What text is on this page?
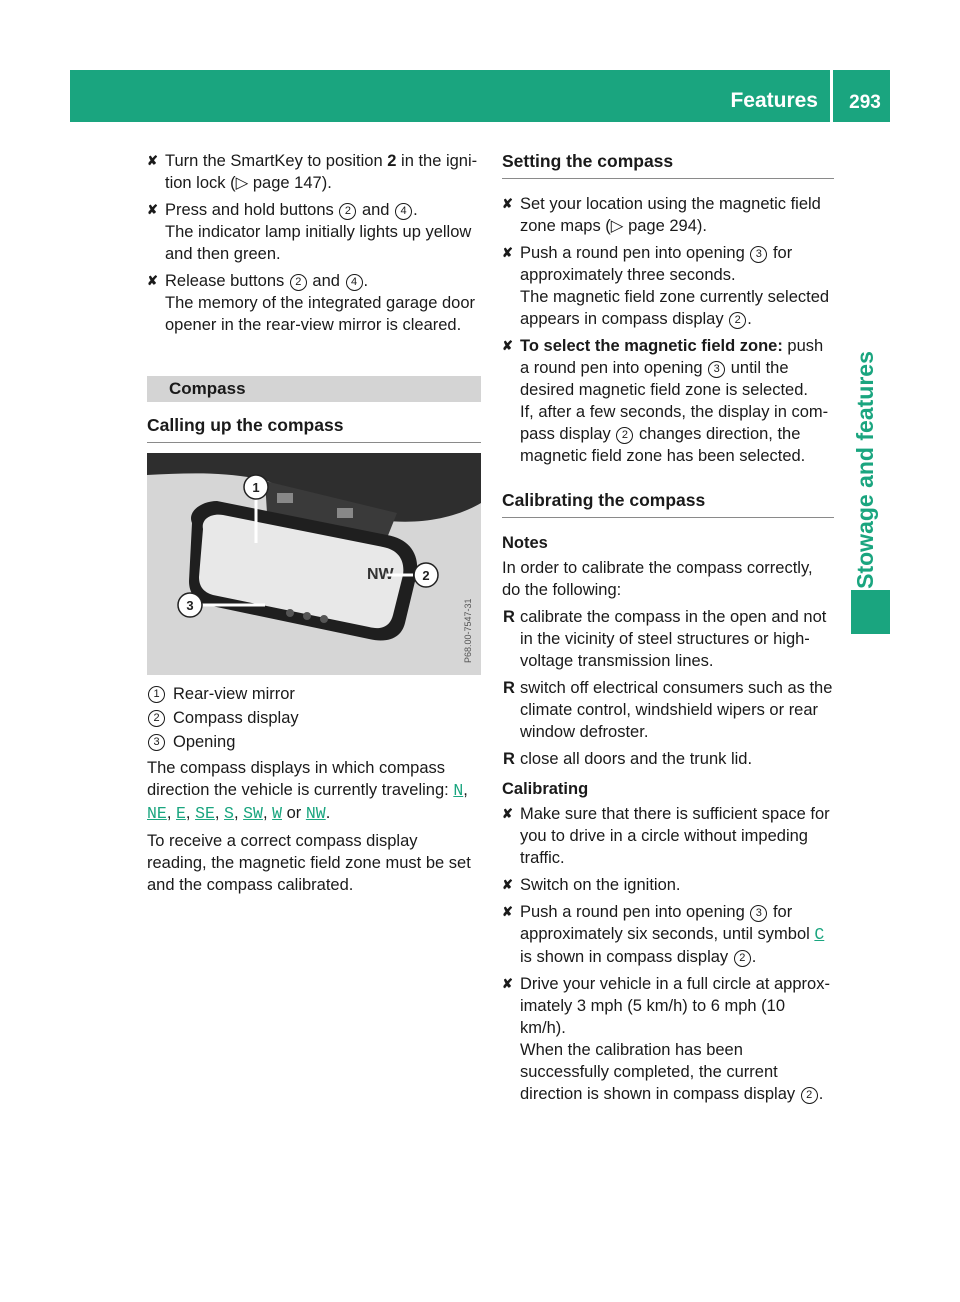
Features	293
Stowage and features
✘ Turn the SmartKey to position 2 in the igni-tion lock (▷ page 147).
✘ Press and hold buttons 2 and 4 .
The indicator lamp initially lights up yellow and then green.
✘ Release buttons 2 and 4 .
The memory of the integrated garage door opener in the rear-view mirror is cleared.
Compass
Calling up the compass
NW
1
2
3	P68.00-7547-31
1 Rear-view mirror
2 Compass display
3 Opening

The compass displays in which compass direction the vehicle is currently traveling: N, NE, E, SE, S, SW, W or NW.

To receive a correct compass display reading, the magnetic field zone must be set and the compass calibrated.

Setting the compass
✘ Set your location using the magnetic field zone maps (▷ page 294).
✘ Push a round pen into opening 3 for approximately three seconds.
The magnetic field zone currently selected appears in compass display 2 .
✘ To select the magnetic field zone: push a round pen into opening 3 until the desired magnetic field zone is selected.
If, after a few seconds, the display in com-pass display 2 changes direction, the magnetic field zone has been selected.
Calibrating the compass

Notes

In order to calibrate the compass correctly, do the following:

R calibrate the compass in the open and not in the vicinity of steel structures or high-voltage transmission lines.
R switch off electrical consumers such as the climate control, windshield wipers or rear window defroster.
R close all doors and the trunk lid.

Calibrating

✘ Make sure that there is sufficient space for you to drive in a circle without impeding traffic.
✘ Switch on the ignition.
✘ Push a round pen into opening 3 for approximately six seconds, until symbol C
is shown in compass display 2 .
✘ Drive your vehicle in a full circle at approx-imately 3 mph (5 km/h) to 6 mph (10 km/h).
When the calibration has been successfully completed, the current direction is shown in compass display 2 .
